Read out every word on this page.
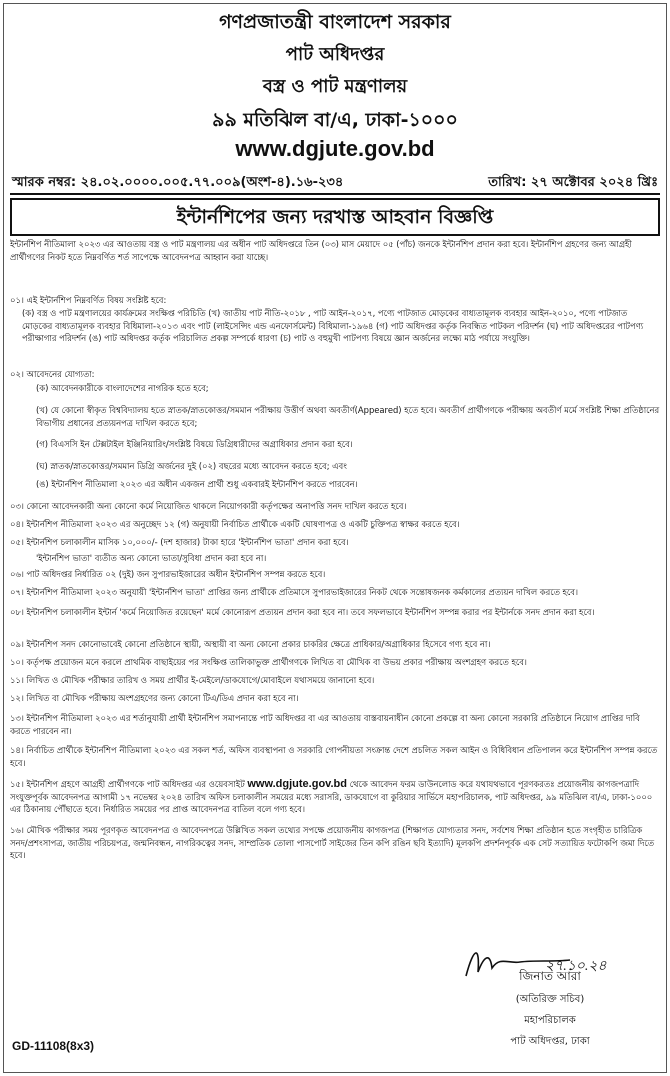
গণপ্রজাতন্ত্রী বাংলাদেশ সরকার
পাট অধিদপ্তর
বস্ত্র ও পাট মন্ত্রণালয়
৯৯ মতিঝিল বা/এ, ঢাকা-১০০০
www.dgjute.gov.bd
স্মারক নম্বর: ২৪.০২.০০০০.০০৫.৭৭.০০৯(অংশ-৪).১৬-২৩৪	তারিখ: ২৭ অক্টোবর ২০২৪ খ্রিঃ
ইন্টার্নশিপের জন্য দরখাস্ত আহবান বিজ্ঞপ্তি
ইন্টার্নশিপ নীতিমালা ২০২৩ এর আওতায় বস্ত্র ও পাট মন্ত্রণালয় এর অধীন পাট অধিদপ্তরে তিন (০৩) মাস মেয়াদে ০৫ (পাঁচ) জনকে ইন্টার্নশিপ প্রদান করা হবে। ইন্টার্নশিপ গ্রহণের জন্য আগ্রহী প্রার্থীগণের নিকট হতে নিম্নবর্ণিত শর্ত সাপেক্ষে আবেদনপত্র আহ্বান করা যাচ্ছে।
০১। এই ইন্টার্নশিপ নিম্নবর্ণিত বিষয় সংশ্লিষ্ট হবে:
(ক) বস্ত্র ও পাট মন্ত্রণালয়ের কার্যক্রমের সংক্ষিপ্ত পরিচিতি (খ) জাতীয় পাট নীতি-২০১৮ , পাট আইন-২০১৭, পণ্যে পাটজাত মোড়কের বাধ্যতামূলক ব্যবহার আইন-২০১০, পণ্যে পাটজাত মোড়কের বাধ্যতামূলক ব্যবহার বিধিমালা-২০১৩ এবং পাট (লাইসেন্সিং এন্ড এনফোর্সমেন্ট) বিধিমালা-১৯৬৪ (গ) পাট অধিদপ্তর কর্তৃক নিবন্ধিত পাটকল পরিদর্শন (ঘ) পাট অধিদপ্তরের পাটপণ্য পরীক্ষাগার পরিদর্শন (ঙ) পাট অধিদপ্তর কর্তৃক পরিচালিত প্রকল্প সম্পর্কে ধারণা (চ) পাট ও বহুমুখী পাটপণ্য বিষয়ে জ্ঞান অর্জনের লক্ষ্যে মাঠ পর্যায়ে সংযুক্তি।
০২। আবেদনের যোগ্যতা:
(ক) আবেদনকারীকে বাংলাদেশের নাগরিক হতে হবে;
(খ) যে কোনো স্বীকৃত বিশ্ববিদ্যালয় হতে স্নাতক/স্নাতকোত্তর/সমমান পরীক্ষায় উত্তীর্ণ অথবা অবতীর্ণ(Appeared) হতে হবে। অবতীর্ণ প্রার্থীগণকে পরীক্ষায় অবতীর্ণ মর্মে সংশ্লিষ্ট শিক্ষা প্রতিষ্ঠানের বিভাগীয় প্রধানের প্রত্যয়নপত্র দাখিল করতে হবে;
(গ) বিএসসি ইন টেক্সটাইল ইঞ্জিনিয়ারিং/সংশ্লিষ্ট বিষয়ে ডিগ্রিধারীদের অগ্রাধিকার প্রদান করা হবে।
(ঘ) স্নাতক/স্নাতকোত্তর/সমমান ডিগ্রি অর্জনের দুই (০২) বছরের মধ্যে আবেদন করতে হবে; এবং
(ঙ) ইন্টার্নশিপ নীতিমালা ২০২৩ এর অধীন একজন প্রার্থী শুধু একবারই ইন্টার্নশিপ করতে পারবেন।
০৩। কোনো আবেদনকারী অন্য কোনো কর্মে নিয়োজিত থাকলে নিয়োগকারী কর্তৃপক্ষের অনাপত্তি সনদ দাখিল করতে হবে।
০৪। ইন্টার্নশিপ নীতিমালা ২০২৩ এর অনুচ্ছেদ ১২ (গ) অনুযায়ী নির্বাচিত প্রার্থীকে একটি ঘোষণাপত্র ও একটি চুক্তিপত্র স্বাক্ষর করতে হবে।
০৫। ইন্টার্নশিপ চলাকালীন মাসিক ১০,০০০/- (দশ হাজার) টাকা হারে 'ইন্টার্নশিপ ভাতা' প্রদান করা হবে।
'ইন্টার্নশিপ ভাতা' ব্যতীত অন্য কোনো ভাতা/সুবিধা প্রদান করা হবে না।
০৬। পাট অধিদপ্তর নির্ধারিত ০২ (দুই) জন সুপারভাইজারের অধীন ইন্টার্নশিপ সম্পন্ন করতে হবে।
০৭। ইন্টার্নশিপ নীতিমালা ২০২৩ অনুযায়ী 'ইন্টার্নশিপ ভাতা' প্রাপ্তির জন্য প্রার্থীকে প্রতিমাসে সুপারভাইজারের নিকট থেকে সন্তোষজনক কর্মকালের প্রত্যয়ন দাখিল করতে হবে।
০৮। ইন্টার্নশিপ চলাকালীন ইন্টার্ন 'কর্মে নিয়োজিত রয়েছেন' মর্মে কোনোরূপ প্রত্যয়ন প্রদান করা হবে না। তবে সফলভাবে ইন্টার্নশিপ সম্পন্ন করার পর ইন্টার্নকে সনদ প্রদান করা হবে।
০৯। ইন্টার্নশিপ সনদ কোনোভাবেই কোনো প্রতিষ্ঠানে স্থায়ী, অস্থায়ী বা অন্য কোনো প্রকার চাকরির ক্ষেত্রে প্রাধিকার/অগ্রাধিকার হিসেবে গণ্য হবে না।
১০। কর্তৃপক্ষ প্রয়োজন মনে করলে প্রাথমিক বাছাইয়ের পর সংক্ষিপ্ত তালিকাভুক্ত প্রার্থীগণকে লিখিত বা মৌখিক বা উভয় প্রকার পরীক্ষায় অংশগ্রহণ করতে হবে।
১১। লিখিত ও মৌখিক পরীক্ষার তারিখ ও সময় প্রার্থীর ই-মেইলে/ডাকযোগে/মোবাইলে যথাসময়ে জানানো হবে।
১২। লিখিত বা মৌখিক পরীক্ষায় অংশগ্রহণের জন্য কোনো টিএ/ডিএ প্রদান করা হবে না।
১৩। ইন্টার্নশিপ নীতিমালা ২০২৩ এর শর্তানুযায়ী প্রার্থী ইন্টার্নশিপ সমাপনান্তে পাট অধিদপ্তর বা এর আওতায় বাস্তবায়নাধীন কোনো প্রকল্পে বা অন্য কোনো সরকারি প্রতিষ্ঠানে নিয়োগ প্রাপ্তির দাবি করতে পারবেন না।
১৪। নির্বাচিত প্রার্থীকে ইন্টার্নশিপ নীতিমালা ২০২৩ এর সকল শর্ত, অফিস ব্যবস্থাপনা ও সরকারি গোপনীয়তা সংক্রান্ত দেশে প্রচলিত সকল আইন ও বিধিবিধান প্রতিপালন করে ইন্টার্নশিপ সম্পন্ন করতে হবে।
১৫। ইন্টার্নশিপ গ্রহণে আগ্রহী প্রার্থীগণকে পাট অধিদপ্তর এর ওয়েবসাইট www.dgjute.gov.bd থেকে আবেদন ফরম ডাউনলোড করে যথাযথভাবে পূরণকরতঃ প্রয়োজনীয় কাগজপত্রাদি সংযুক্তপূর্বক আবেদনপত্র আগামী ১৭ নভেম্বর ২০২৪ তারিখ অফিস চলাকালীন সময়ের মধ্যে সরাসরি, ডাকযোগে বা কুরিয়ার সার্ভিসে মহাপরিচালক, পাট অধিদপ্তর, ৯৯ মতিঝিল বা/এ, ঢাকা-১০০০ এর ঠিকানায় পৌঁছাতে হবে। নির্ধারিত সময়ের পর প্রাপ্ত আবেদনপত্র বাতিল বলে গণ্য হবে।
১৬। মৌখিক পরীক্ষার সময় পূরণকৃত আবেদনপত্র ও আবেদনপত্রে উল্লিখিত সকল তথ্যের সপক্ষে প্রয়োজনীয় কাগজপত্র (শিক্ষাগত যোগ্যতার সনদ, সর্বশেষ শিক্ষা প্রতিষ্ঠান হতে সংগৃহীত চারিত্রিক সনদ/প্রশংসাপত্র, জাতীয় পরিচয়পত্র, জন্মনিবন্ধন, নাগরিকত্বের সনদ, সাম্প্রতিক তোলা পাসপোর্ট সাইজের তিন কপি রঙিন ছবি ইত্যাদি) মূলকপি প্রদর্শনপূর্বক এক সেট সত্যায়িত ফটোকপি জমা দিতে হবে।
২৭.১০.২৪
জিনাত আরা
(অতিরিক্ত সচিব)
মহাপরিচালক
পাট অধিদপ্তর, ঢাকা
GD-11108(8x3)
